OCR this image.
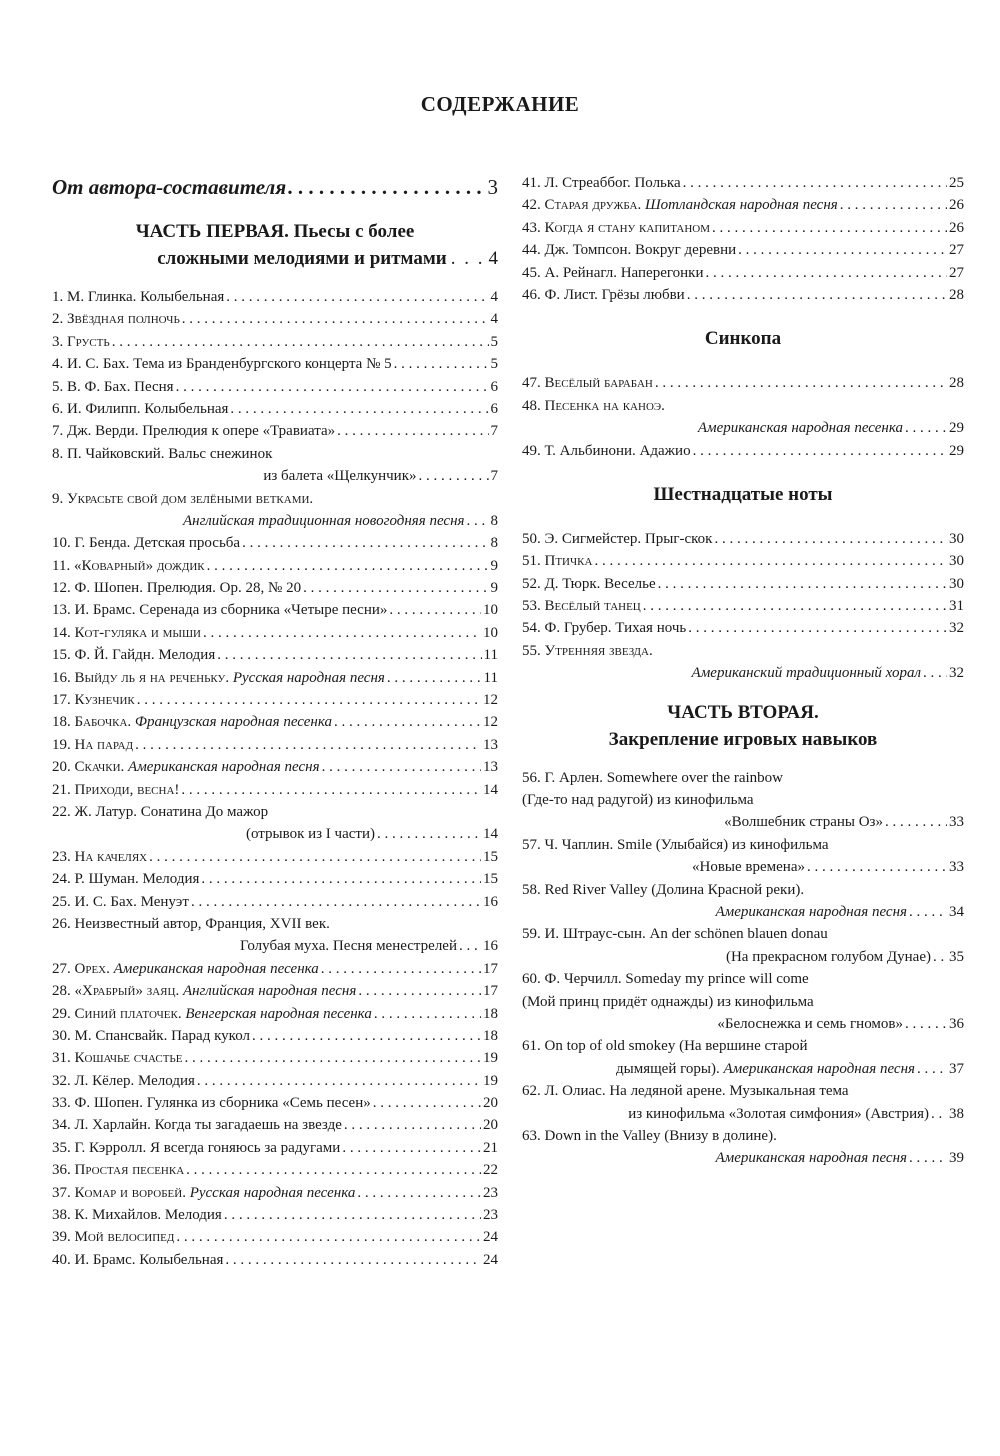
СОДЕРЖАНИЕ
От автора-составителя . . .	3
ЧАСТЬ ПЕРВАЯ. Пьесы с более
сложными мелодиями и ритмами . . . 4
1. М. Глинка. Колыбельная . . .	4
2. Звёздная полночь . . .	4
3. Грусть . . .	5
4. И. С. Бах. Тема из Бранденбургского концерта № 5 . . .	5
5. В. Ф. Бах. Песня . . .	6
6. И. Филипп. Колыбельная . . .	6
7. Дж. Верди. Прелюдия к опере «Травиата» . . .	7
8. П. Чайковский. Вальс снежинок
из балета «Щелкунчик» . . .	7
9. Украсьте свой дом зелёными ветками.
Английская традиционная новогодняя песня . . . 8
10. Г. Бенда. Детская просьба . . .	8
11. «Коварный» дождик . . .	9
12. Ф. Шопен. Прелюдия. Ор. 28, № 20 . . .	9
13. И. Брамс. Серенада из сборника «Четыре песни» . . .	10
14. Кот-гуляка и мыши . . .	10
15. Ф. Й. Гайдн. Мелодия . . .	11
16. Выйду ль я на реченьку.
Русская народная песня . . .	11
17. Кузнечик . . .	12
18. Бабочка.
Французская народная песенка . . .	12
19. На парад . . .	13
20. Скачки.
Американская народная песня . . .	13
21. Приходи, весна! . . .	14
22. Ж. Латур. Сонатина До мажор
(отрывок из I части) . . .	14
23. На качелях . . .	15
24. Р. Шуман. Мелодия . . .	15
25. И. С. Бах. Менуэт . . .	16
26. Неизвестный автор, Франция, XVII век.
Голубая муха. Песня менестрелей . . . 16
27. Орех.
Американская народная песенка . . .	17
28. «Храбрый» заяц.
Английская народная песня . . .	17
29. Синий платочек.
Венгерская народная песенка . . .	18
30. М. Спансвайк. Парад кукол . . .	18
31. Кошачье счастье . . .	19
32. Л. Кёлер. Мелодия . . .	19
33. Ф. Шопен. Гулянка из сборника «Семь песен» . . .	20
34. Л. Харлайн. Когда ты загадаешь на звезде . . .	20
35. Г. Кэрролл. Я всегда гоняюсь за радугами . . .	21
36. Простая песенка . . .	22
37. Комар и воробей.
Русская народная песенка . . .	23
38. К. Михайлов. Мелодия . . .	23
39. Мой велосипед . . .	24
40. И. Брамс. Колыбельная . . .	24
41. Л. Стреаббог. Полька . . .	25
42. Старая дружба.
Шотландская народная песня . . .	26
43. Когда я стану капитаном . . .	26
44. Дж. Томпсон. Вокруг деревни . . .	27
45. А. Рейнагл. Наперегонки . . .	27
46. Ф. Лист. Грёзы любви . . .	28
Синкопа
47. Весёлый барабан . . .	28
48. Песенка на каноэ.
Американская народная песенка . . .	29
49. Т. Альбинони. Адажио . . .	29
Шестнадцатые ноты
50. Э. Сигмейстер. Прыг-скок . . .	30
51. Птичка . . .	30
52. Д. Тюрк. Веселье . . .	30
53. Весёлый танец . . .	31
54. Ф. Грубер. Тихая ночь . . .	32
55. Утренняя звезда.
Американский традиционный хорал . . . 32
ЧАСТЬ ВТОРАЯ.
Закрепление игровых навыков
56. Г. Арлен. Somewhere over the rainbow
(Где-то над радугой) из кинофильма
«Волшебник страны Оз» . . .	33
57. Ч. Чаплин. Smile (Улыбайся) из кинофильма
«Новые времена» . . .	33
58. Red River Valley (Долина Красной реки).
Американская народная песня . . .	34
59. И. Штраус-сын. An der schönen blauen donau
(На прекрасном голубом Дунае) . . . 35
60. Ф. Черчилл. Someday my prince will come
(Мой принц придёт однажды) из кинофильма
«Белоснежка и семь гномов» . . .	36
61. On top of old smokey (На вершине старой
дымящей горы).
Американская народная песня . . . 37
62. Л. Олиас. На ледяной арене. Музыкальная тема
из кинофильма «Золотая симфония» (Австрия) . . . 38
63. Down in the Valley (Внизу в долине).
Американская народная песня . . .	39
